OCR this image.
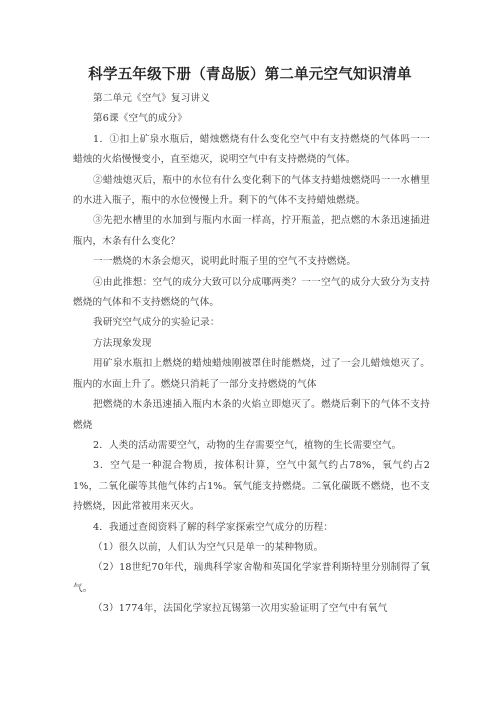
科学五年级下册（青岛版）第二单元空气知识清单

第二单元《空气》复习讲义

第6课《空气的成分》

1．①扣上矿泉水瓶后，蜡烛燃烧有什么变化空气中有支持燃烧的气体吗一一蜡烛的火焰慢慢变小，直至熄灭，说明空气中有支持燃烧的气体。

②蜡烛熄灭后，瓶中的水位有什么变化剩下的气体支持蜡烛燃烧吗一一水槽里的水进入瓶子，瓶中的水位慢慢上升。剩下的气体不支持蜡烛燃烧。

③先把水槽里的水加到与瓶内水面一样高，拧开瓶盖，把点燃的木条迅速插进瓶内，木条有什么变化？

一一燃烧的木条会熄灭，说明此时瓶子里的空气不支持燃烧。

④由此推想：空气的成分大致可以分成哪两类？一一空气的成分大致分为支持燃烧的气体和不支持燃烧的气体。

我研究空气成分的实验记录：

方法现象发现

用矿泉水瓶扣上燃烧的蜡烛蜡烛刚被罩住时能燃烧，过了一会儿蜡烛熄灭了。瓶内的水面上升了。燃烧只消耗了一部分支持燃烧的气体

把燃烧的木条迅速插入瓶内木条的火焰立即熄灭了。燃烧后剩下的气体不支持燃烧

2．人类的活动需要空气，动物的生存需要空气，植物的生长需要空气。

3．空气是一种混合物质，按体积计算，空气中氮气约占78%，氧气约占21%，二氧化碳等其他气体约占1%。氧气能支持燃烧。二氧化碳既不燃烧，也不支持燃烧，因此常被用来灭火。

4．我通过查阅资料了解的科学家探索空气成分的历程：

（1）很久以前，人们认为空气只是单一的某种物质。

（2）18世纪70年代，瑞典科学家舍勒和英国化学家普利斯特里分别制得了氧气。

（3）1774年，法国化学家拉瓦锡第一次用实验证明了空气中有氧气
